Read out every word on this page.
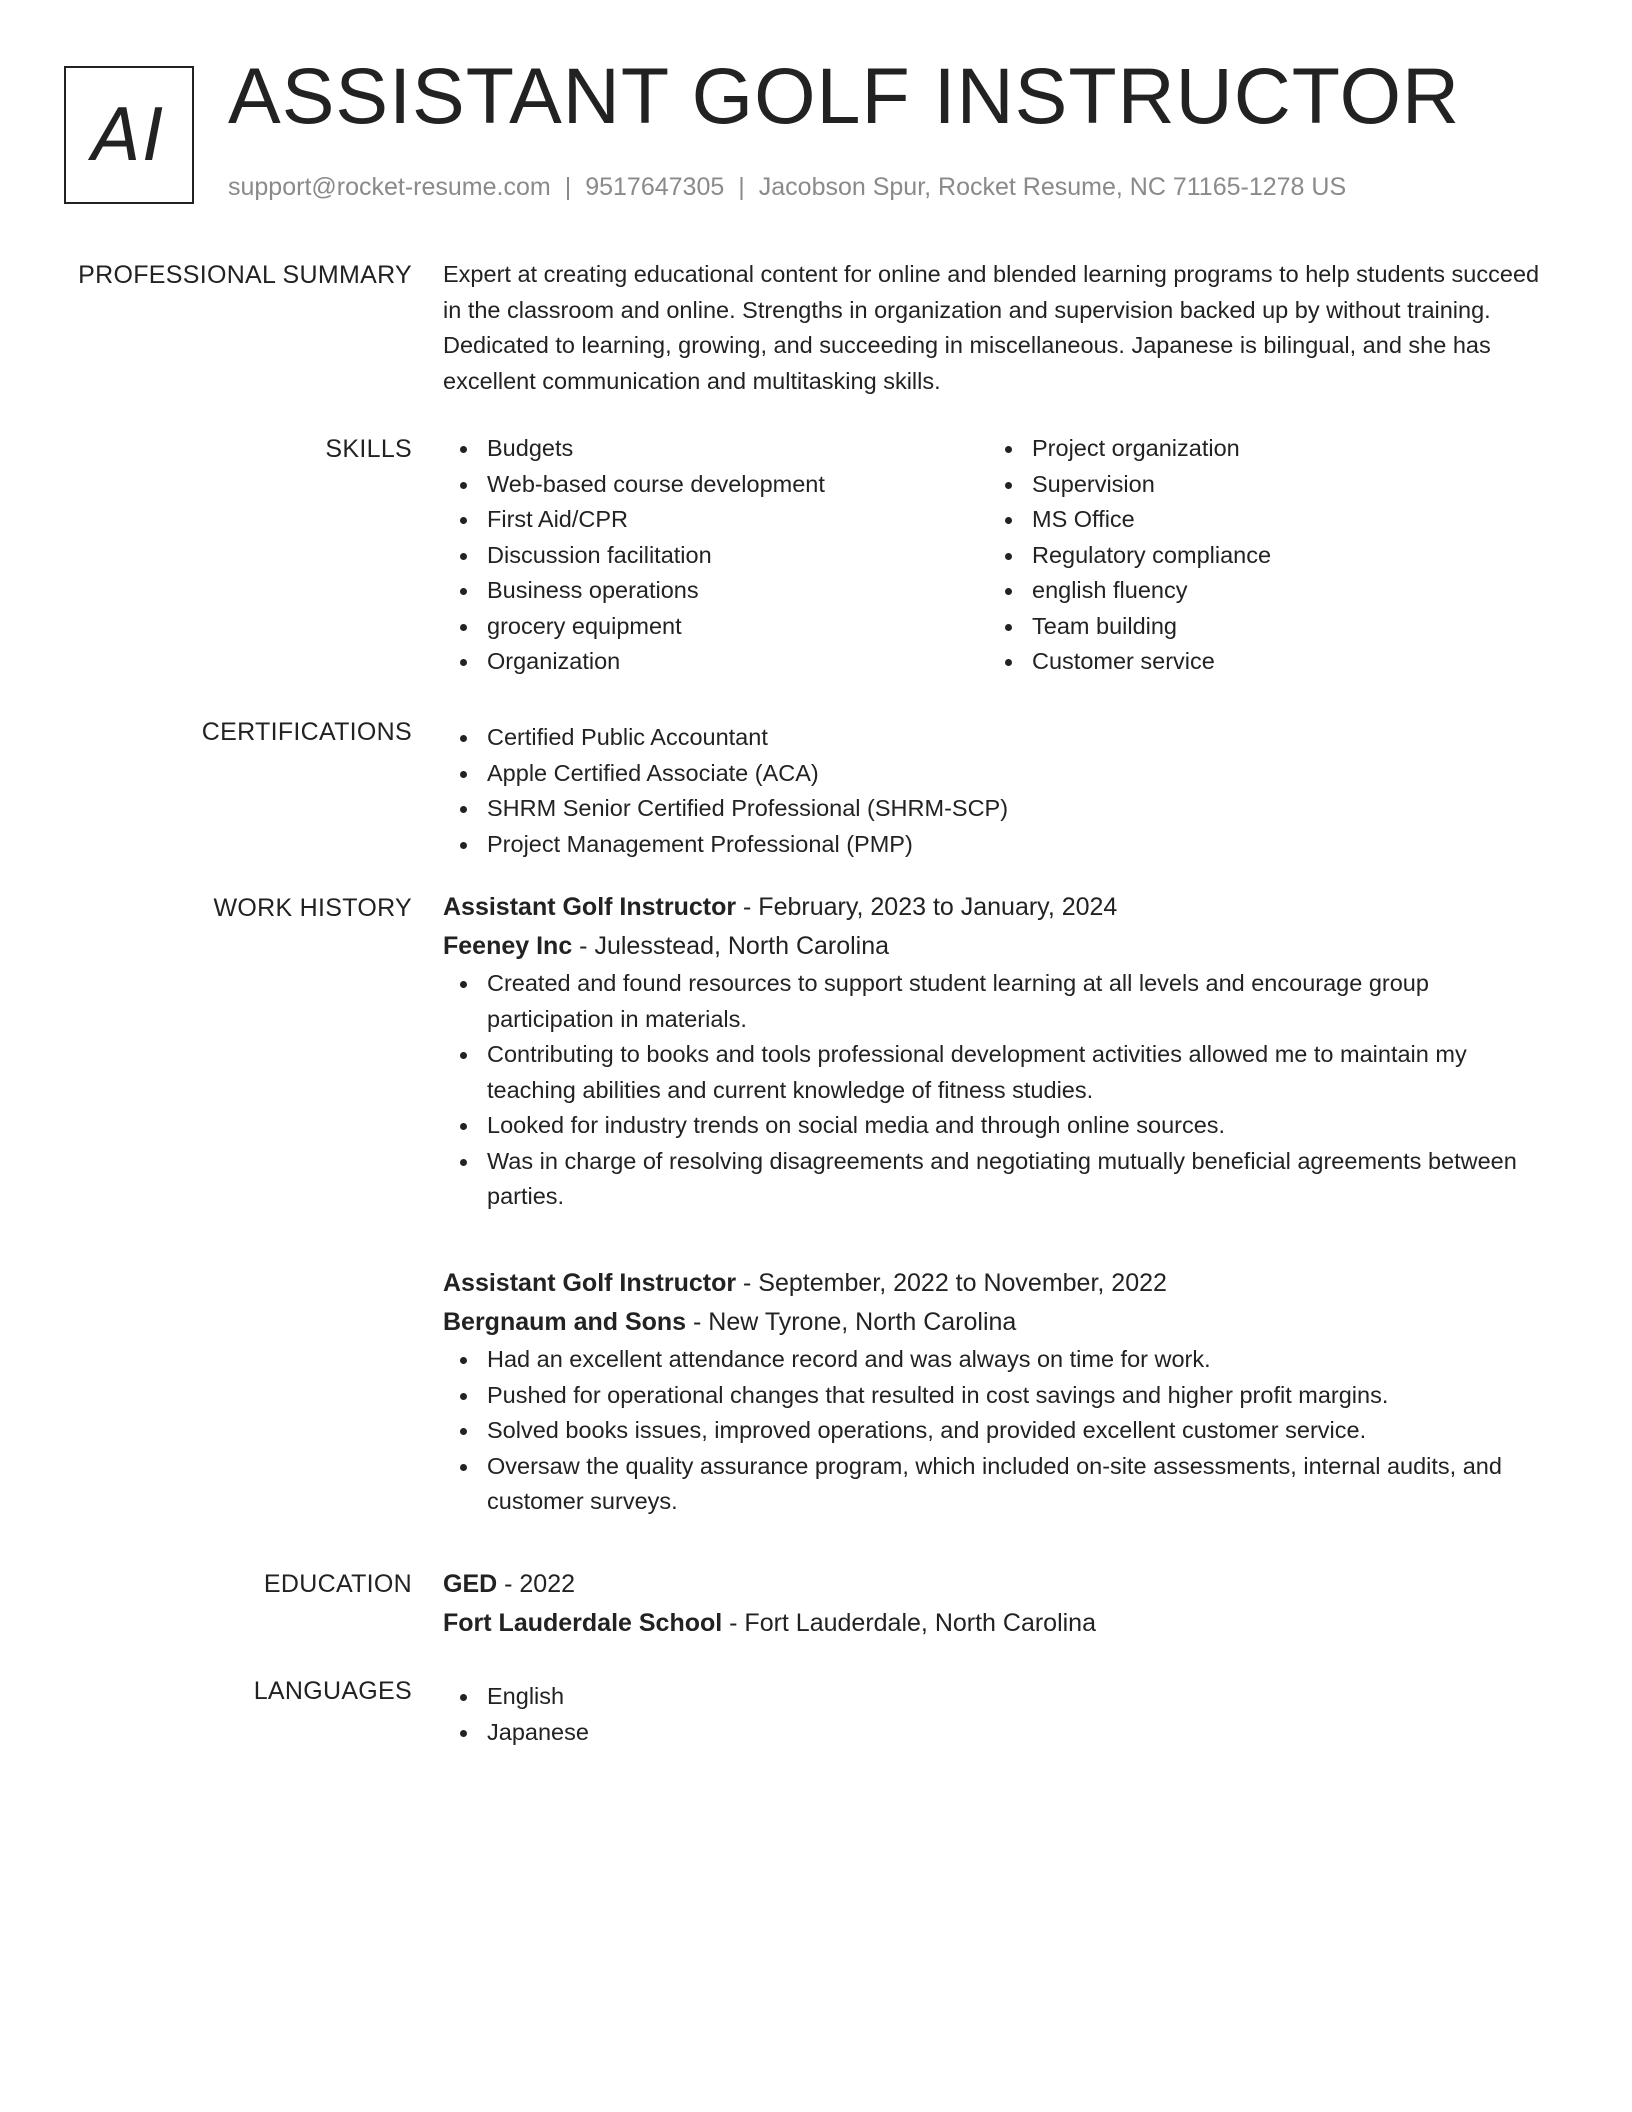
AI ASSISTANT GOLF INSTRUCTOR
support@rocket-resume.com | 9517647305 | Jacobson Spur, Rocket Resume, NC 71165-1278 US
PROFESSIONAL SUMMARY Expert at creating educational content for online and blended learning programs to help students succeed in the classroom and online. Strengths in organization and supervision backed up by without training. Dedicated to learning, growing, and succeeding in miscellaneous. Japanese is bilingual, and she has excellent communication and multitasking skills.

SKILLS	Budgets
Web-based course development
First Aid/CPR
Discussion facilitation
Business operations
grocery equipment
Organization
Project organization
Supervision
MS Office
Regulatory compliance
english fluency
Team building
Customer service
CERTIFICATIONS	Certified Public Accountant
Apple Certified Associate (ACA)
SHRM Senior Certified Professional (SHRM-SCP)
Project Management Professional (PMP)
WORK HISTORY Assistant Golf Instructor - February, 2023 to January, 2024
Feeney Inc - Julesstead, North Carolina
Created and found resources to support student learning at all levels and encourage group participation in materials.
Contributing to books and tools professional development activities allowed me to maintain my teaching abilities and current knowledge of fitness studies.
Looked for industry trends on social media and through online sources.
Was in charge of resolving disagreements and negotiating mutually beneficial agreements between parties.
Assistant Golf Instructor - September, 2022 to November, 2022
Bergnaum and Sons - New Tyrone, North Carolina
Had an excellent attendance record and was always on time for work.
Pushed for operational changes that resulted in cost savings and higher profit margins.
Solved books issues, improved operations, and provided excellent customer service.
Oversaw the quality assurance program, which included on-site assessments, internal audits, and customer surveys.
EDUCATION GED - 2022
Fort Lauderdale School - Fort Lauderdale, North Carolina
LANGUAGES	English
Japanese
